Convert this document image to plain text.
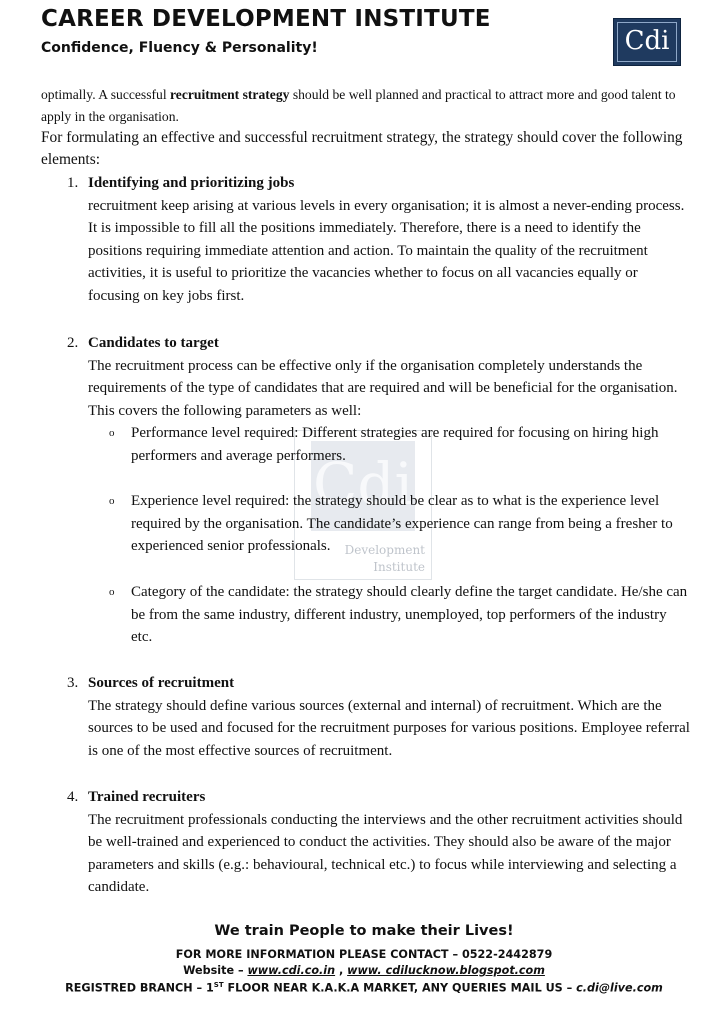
CAREER DEVELOPMENT INSTITUTE
Confidence, Fluency & Personality!	Cdi
Cdi
Development
Institute
optimally. A successful recruitment strategy should be well planned and practical to attract more and good talent to apply in the organisation.
For formulating an effective and successful recruitment strategy, the strategy should cover the following elements:
1. Identifying and prioritizing jobs
recruitment keep arising at various levels in every organisation; it is almost a never-ending process. It is impossible to fill all the positions immediately. Therefore, there is a need to identify the positions requiring immediate attention and action. To maintain the quality of the recruitment activities, it is useful to prioritize the vacancies whether to focus on all vacancies equally or focusing on key jobs first.
2. Candidates to target
The recruitment process can be effective only if the organisation completely understands the requirements of the type of candidates that are required and will be beneficial for the organisation. This covers the following parameters as well:
o Performance level required: Different strategies are required for focusing on hiring high performers and average performers.
o Experience level required: the strategy should be clear as to what is the experience level required by the organisation. The candidate’s experience can range from being a fresher to experienced senior professionals.
o Category of the candidate: the strategy should clearly define the target candidate. He/she can be from the same industry, different industry, unemployed, top performers of the industry etc.
3. Sources of recruitment
The strategy should define various sources (external and internal) of recruitment. Which are the sources to be used and focused for the recruitment purposes for various positions. Employee referral is one of the most effective sources of recruitment.
4. Trained recruiters
The recruitment professionals conducting the interviews and the other recruitment activities should be well-trained and experienced to conduct the activities. They should also be aware of the major parameters and skills (e.g.: behavioural, technical etc.) to focus while interviewing and selecting a candidate.
We train People to make their Lives!
FOR MORE INFORMATION PLEASE CONTACT – 0522-2442879
Website – www.cdi.co.in , www. cdilucknow.blogspot.com
REGISTRED BRANCH – 1ST FLOOR NEAR K.A.K.A MARKET, ANY QUERIES MAIL US – c.di@live.com
